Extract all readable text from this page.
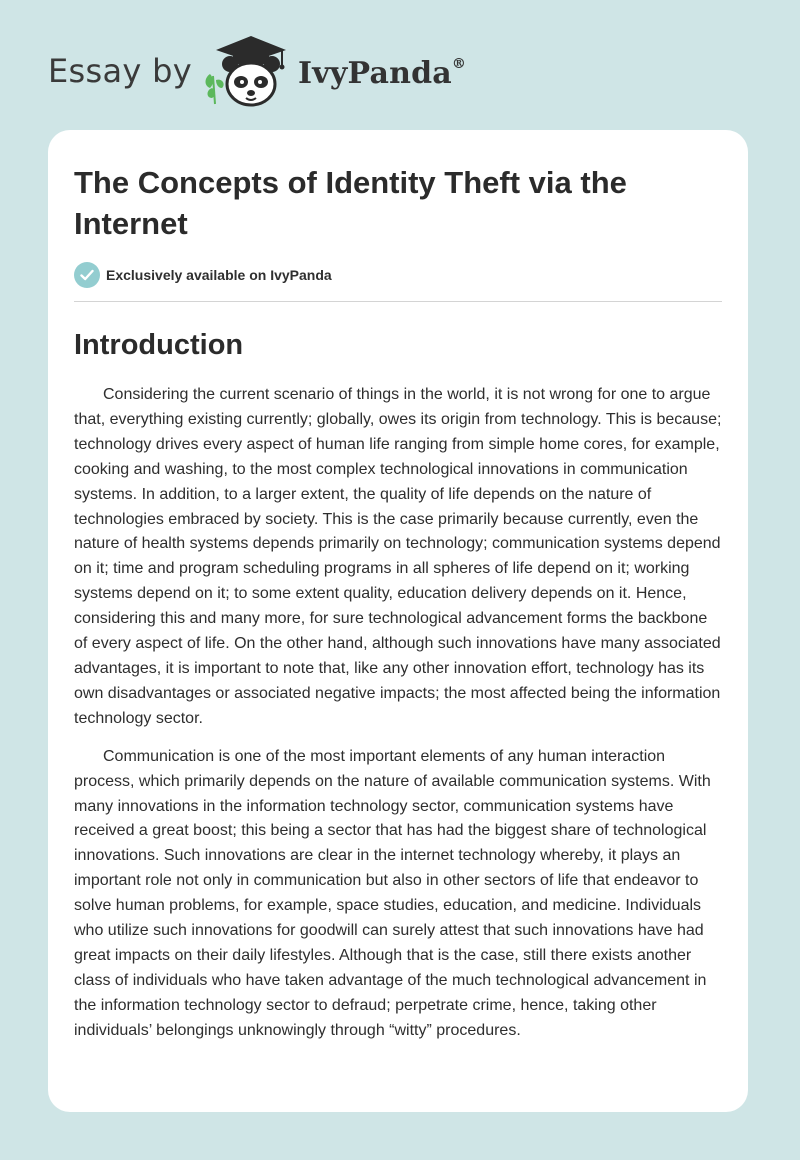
Essay by	IvyPanda®
The Concepts of Identity Theft via the Internet
Exclusively available on IvyPanda
Introduction

Considering the current scenario of things in the world, it is not wrong for one to argue that, everything existing currently; globally, owes its origin from technology. This is because; technology drives every aspect of human life ranging from simple home cores, for example, cooking and washing, to the most complex technological innovations in communication systems. In addition, to a larger extent, the quality of life depends on the nature of technologies embraced by society. This is the case primarily because currently, even the nature of health systems depends primarily on technology; communication systems depend on it; time and program scheduling programs in all spheres of life depend on it; working systems depend on it; to some extent quality, education delivery depends on it. Hence, considering this and many more, for sure technological advancement forms the backbone of every aspect of life. On the other hand, although such innovations have many associated advantages, it is important to note that, like any other innovation effort, technology has its own disadvantages or associated negative impacts; the most affected being the information technology sector.

Communication is one of the most important elements of any human interaction process, which primarily depends on the nature of available communication systems. With many innovations in the information technology sector, communication systems have received a great boost; this being a sector that has had the biggest share of technological innovations. Such innovations are clear in the internet technology whereby, it plays an important role not only in communication but also in other sectors of life that endeavor to solve human problems, for example, space studies, education, and medicine. Individuals who utilize such innovations for goodwill can surely attest that such innovations have had great impacts on their daily lifestyles. Although that is the case, still there exists another class of individuals who have taken advantage of the much technological advancement in the information technology sector to defraud; perpetrate crime, hence, taking other individuals’ belongings unknowingly through “witty” procedures.
